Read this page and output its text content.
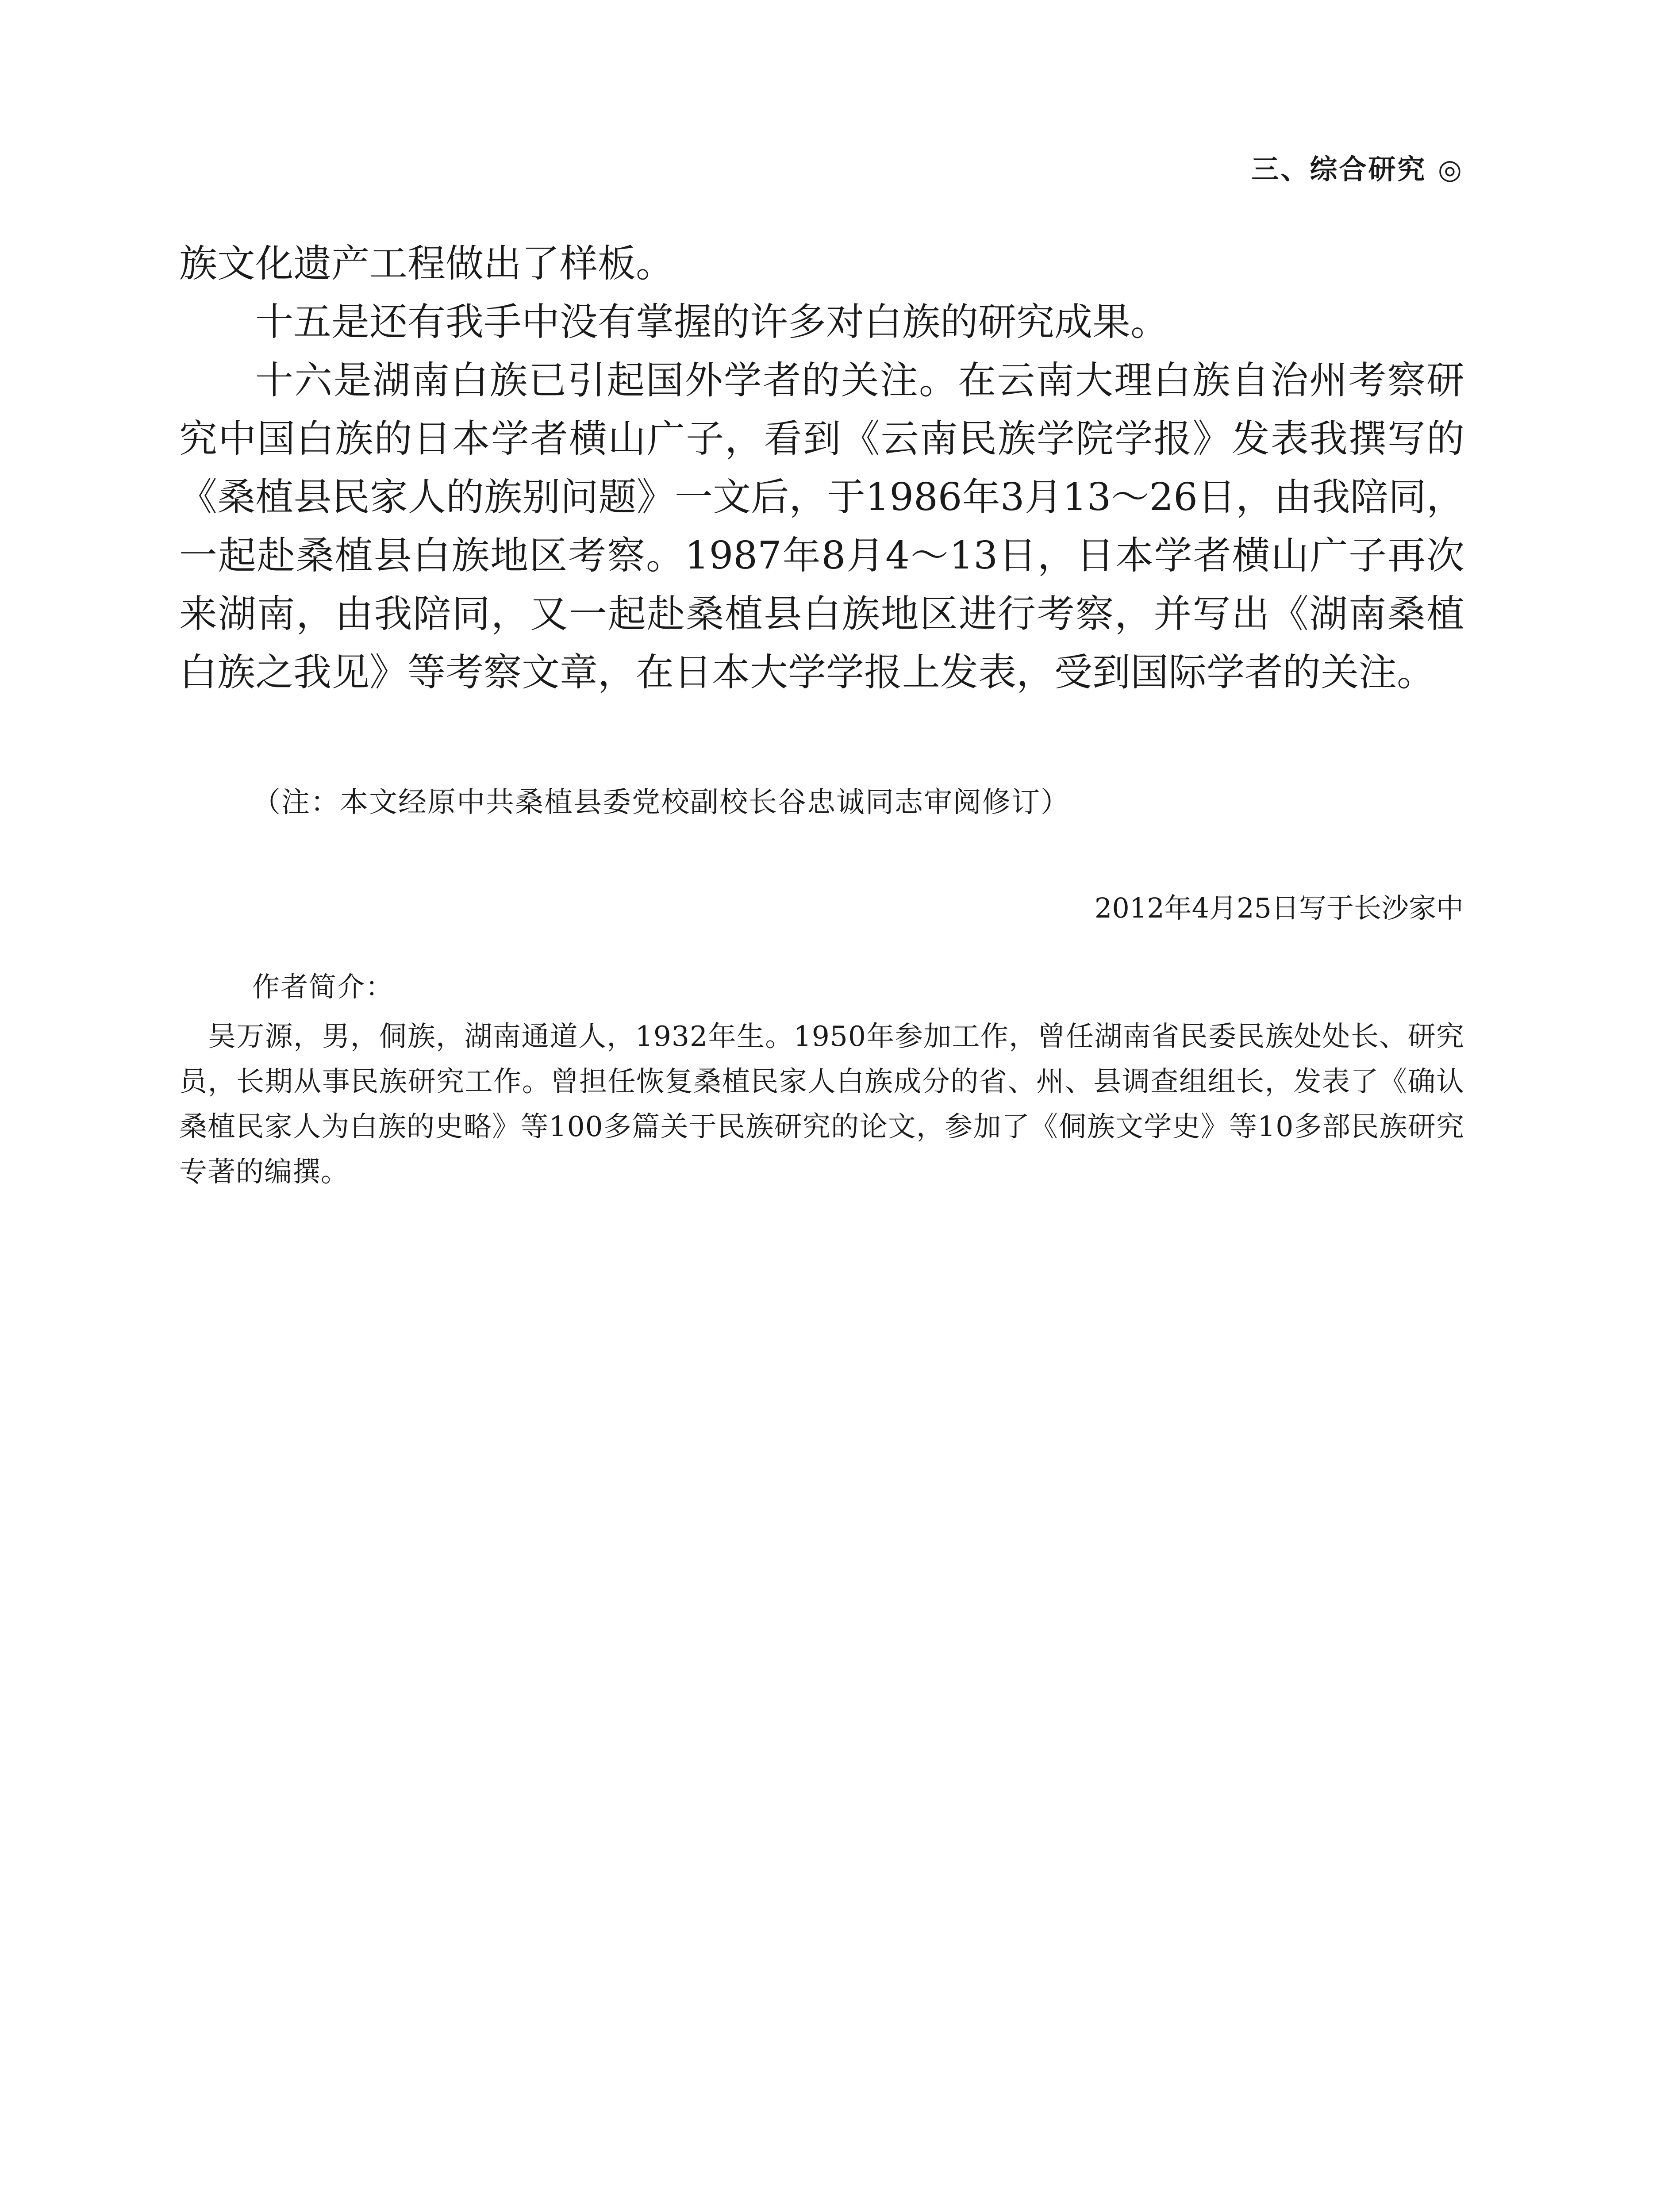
三、综合研究 ◎

族文化遗产工程做出了样板。

十五是还有我手中没有掌握的许多对白族的研究成果。

十六是湖南白族已引起国外学者的关注。在云南大理白族自治州考察研究中国白族的日本学者横山广子，看到《云南民族学院学报》发表我撰写的《桑植县民家人的族别问题》一文后，于1986年3月13～26日，由我陪同，一起赴桑植县白族地区考察。1987年8月4～13日，日本学者横山广子再次来湖南，由我陪同，又一起赴桑植县白族地区进行考察，并写出《湖南桑植白族之我见》等考察文章，在日本大学学报上发表，受到国际学者的关注。

（注：本文经原中共桑植县委党校副校长谷忠诚同志审阅修订）
2012年4月25日写于长沙家中
作者简介：
吴万源，男，侗族，湖南通道人，1932年生。1950年参加工作，曾任湖南省民委民族处处长、研究员，长期从事民族研究工作。曾担任恢复桑植民家人白族成分的省、州、县调查组组长，发表了《确认桑植民家人为白族的史略》等100多篇关于民族研究的论文，参加了《侗族文学史》等10多部民族研究专著的编撰。
